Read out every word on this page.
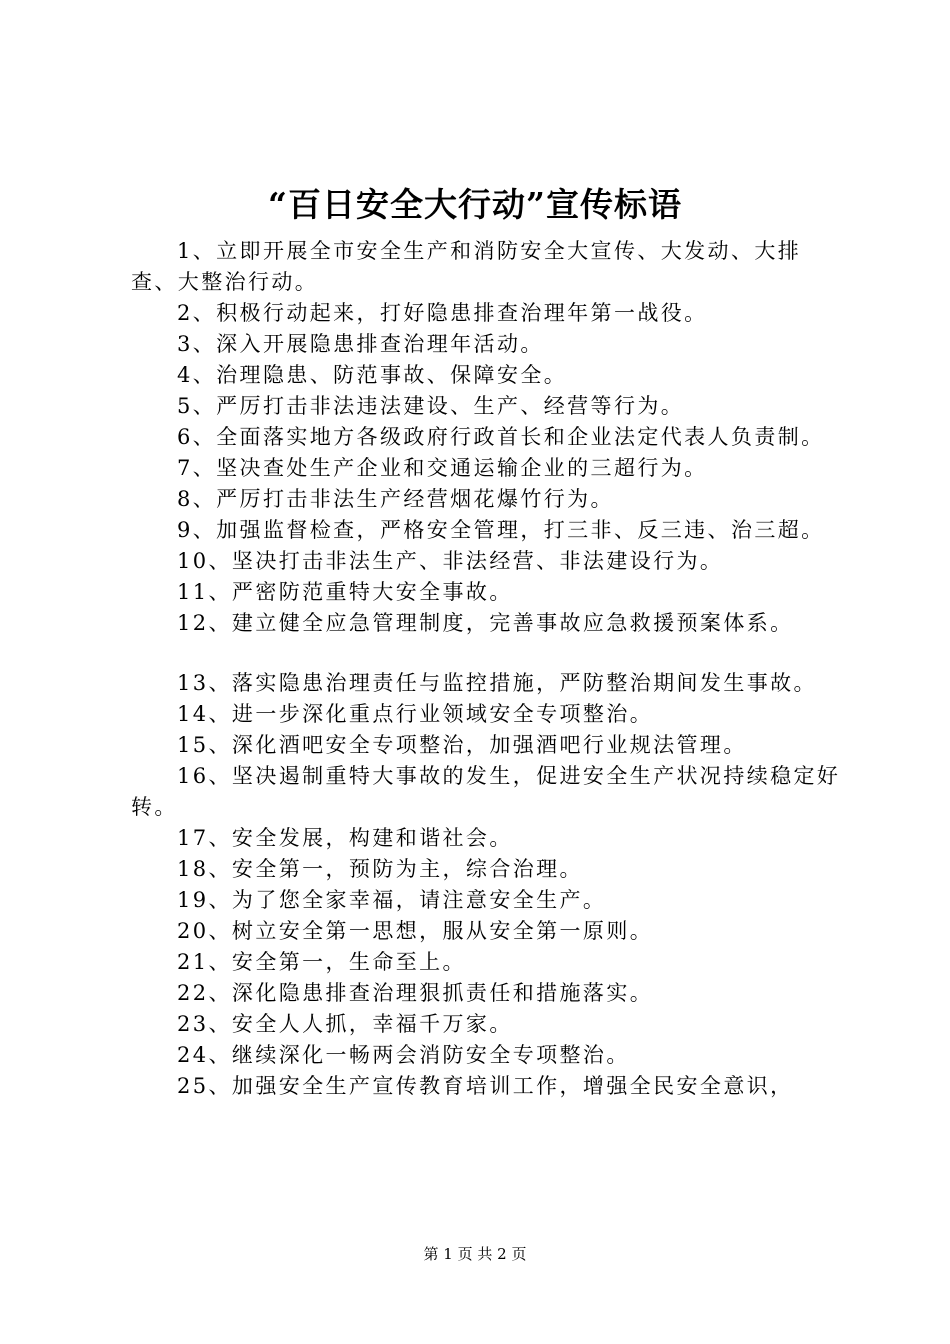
“百日安全大行动”宣传标语

1、立即开展全市安全生产和消防安全大宣传、大发动、大排查、大整治行动。

2、积极行动起来，打好隐患排查治理年第一战役。

3、深入开展隐患排查治理年活动。

4、治理隐患、防范事故、保障安全。

5、严厉打击非法违法建设、生产、经营等行为。

6、全面落实地方各级政府行政首长和企业法定代表人负责制。

7、坚决查处生产企业和交通运输企业的三超行为。

8、严厉打击非法生产经营烟花爆竹行为。

9、加强监督检查，严格安全管理，打三非、反三违、治三超。

10、坚决打击非法生产、非法经营、非法建设行为。

11、严密防范重特大安全事故。

12、建立健全应急管理制度，完善事故应急救援预案体系。

13、落实隐患治理责任与监控措施，严防整治期间发生事故。

14、进一步深化重点行业领域安全专项整治。

15、深化酒吧安全专项整治，加强酒吧行业规法管理。

16、坚决遏制重特大事故的发生，促进安全生产状况持续稳定好转。

17、安全发展，构建和谐社会。

18、安全第一，预防为主，综合治理。

19、为了您全家幸福，请注意安全生产。

20、树立安全第一思想，服从安全第一原则。

21、安全第一，生命至上。

22、深化隐患排查治理狠抓责任和措施落实。

23、安全人人抓，幸福千万家。

24、继续深化一畅两会消防安全专项整治。

25、加强安全生产宣传教育培训工作，增强全民安全意识，

第 1 页 共 2 页
